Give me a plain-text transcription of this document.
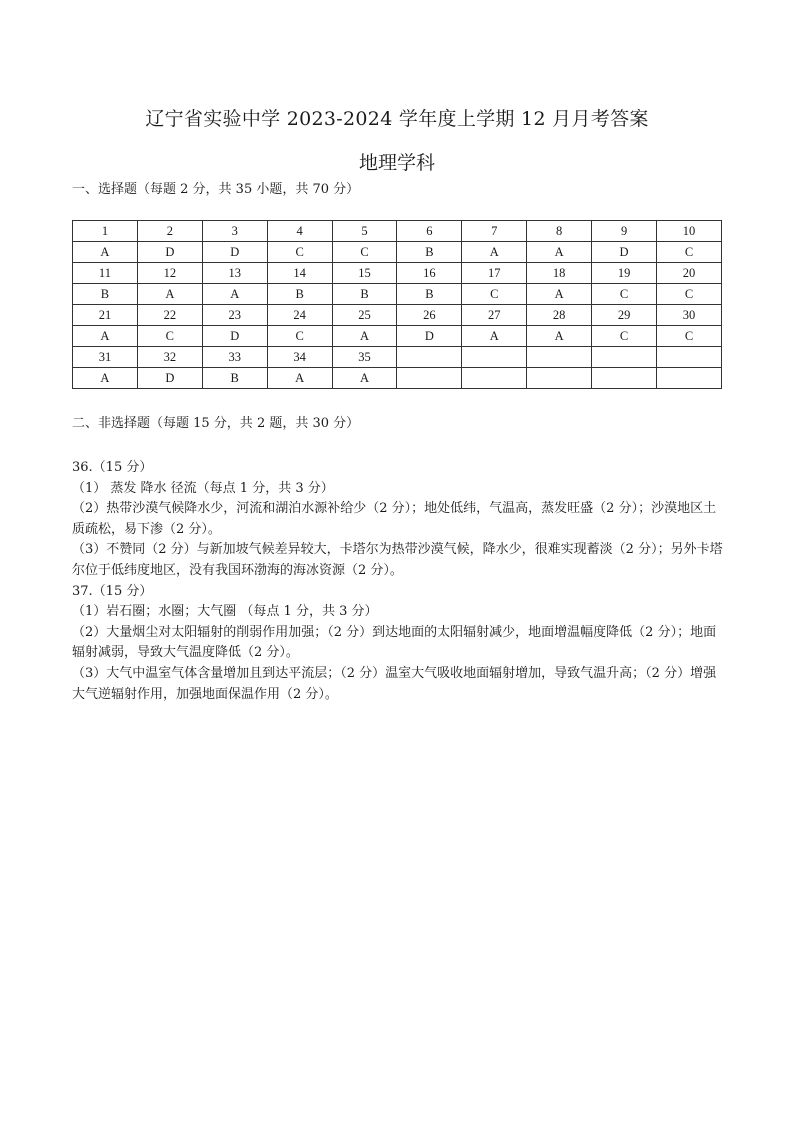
辽宁省实验中学 2023-2024 学年度上学期 12 月月考答案
地理学科
一、选择题（每题 2 分，共 35 小题，共 70 分）
1	2	3	4	5	6	7	8	9	10
A	D	D	C	C	B	A	A	D	C
11	12	13	14	15	16	17	18	19	20
B	A	A	B	B	B	C	A	C	C
21	22	23	24	25	26	27	28	29	30
A	C	D	C	A	D	A	A	C	C
31	32	33	34	35					
A	D	B	A	A					
二、非选择题（每题 15 分，共 2 题，共 30 分）

36.（15 分）

（1） 蒸发 降水 径流（每点 1 分，共 3 分）

（2）热带沙漠气候降水少，河流和湖泊水源补给少（2 分）；地处低纬，气温高，蒸发旺盛（2 分）；沙漠地区土质疏松，易下渗（2 分）。

（3）不赞同（2 分）与新加坡气候差异较大，卡塔尔为热带沙漠气候，降水少，很难实现蓄淡（2 分）；另外卡塔尔位于低纬度地区，没有我国环渤海的海冰资源（2 分）。

37.（15 分）

（1）岩石圈；水圈；大气圈 （每点 1 分，共 3 分）

（2）大量烟尘对太阳辐射的削弱作用加强；（2 分）到达地面的太阳辐射减少，地面增温幅度降低（2 分）；地面辐射减弱，导致大气温度降低（2 分）。

（3）大气中温室气体含量增加且到达平流层；（2 分）温室大气吸收地面辐射增加，导致气温升高；（2 分）增强大气逆辐射作用，加强地面保温作用（2 分）。
